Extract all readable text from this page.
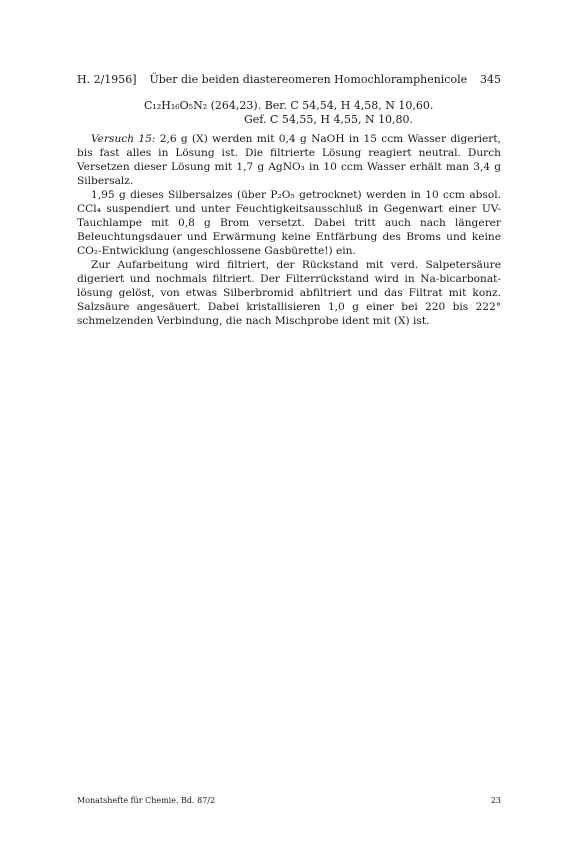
H. 2/1956]	Über die beiden diastereomeren Homochloramphenicole	345
C₁₂H₁₆O₅N₂ (264,23). Ber. C 54,54, H 4,58, N 10,60.
Gef. C 54,55, H 4,55, N 10,80.

Versuch 15: 2,6 g (X) werden mit 0,4 g NaOH in 15 ccm Wasser digeriert, bis fast alles in Lösung ist. Die filtrierte Lösung reagiert neutral. Durch Versetzen dieser Lösung mit 1,7 g AgNO₃ in 10 ccm Wasser erhält man 3,4 g Silbersalz.

1,95 g dieses Silbersalzes (über P₂O₅ getrocknet) werden in 10 ccm absol. CCl₄ suspendiert und unter Feuchtigkeitsausschluß in Gegenwart einer UV-Tauchlampe mit 0,8 g Brom versetzt. Dabei tritt auch nach längerer Beleuchtungsdauer und Erwärmung keine Entfärbung des Broms und keine CO₂-Entwicklung (angeschlossene Gasbürette!) ein.

Zur Aufarbeitung wird filtriert, der Rückstand mit verd. Salpetersäure digeriert und nochmals filtriert. Der Filterrückstand wird in Na-bicarbonat-lösung gelöst, von etwas Silberbromid abfiltriert und das Filtrat mit konz. Salzsäure angesäuert. Dabei kristallisieren 1,0 g einer bei 220 bis 222° schmelzenden Verbindung, die nach Mischprobe ident mit (X) ist.

Monatshefte für Chemie. Bd. 87/2	23
